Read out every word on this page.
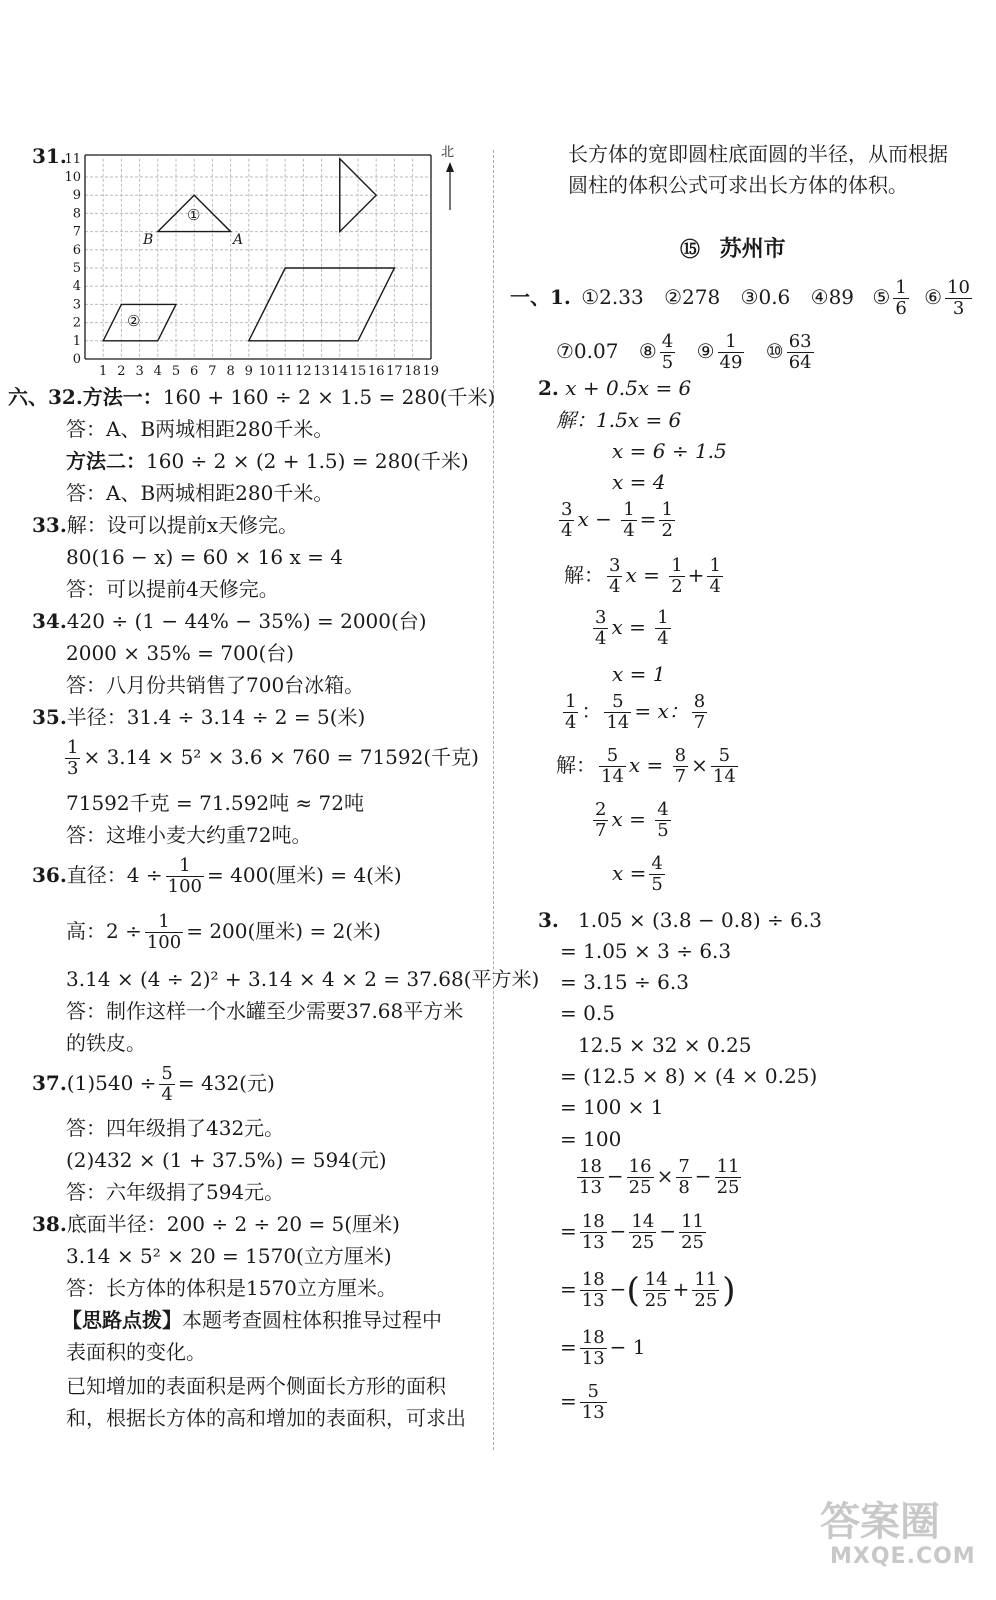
31.
0
1
2
3
4
5
6
7
8
9
10
11
1 2 3 4 5 6 7 8 9 10 11 12 13 14 15 16 17 18 19
①
②
B	A
北
六、32.方法一：160 + 160 ÷ 2 × 1.5 = 280(千米)
答：A、B两城相距280千米。
方法二：160 ÷ 2 × (2 + 1.5) = 280(千米)
答：A、B两城相距280千米。
33.解：设可以提前x天修完。
80(16 − x) = 60 × 16 x = 4
答：可以提前4天修完。
34.420 ÷ (1 − 44% − 35%) = 2000(台)
2000 × 35% = 700(台)
答：八月份共销售了700台冰箱。
35.半径：31.4 ÷ 3.14 ÷ 2 = 5(米)
$\frac{1}{3} \times 3.14 \times 5^2 \times 3.6 \times 760 = 71592$(千克)
71592千克 = 71.592吨 ≈ 72吨
答：这堆小麦大约重72吨。
36.直径：$4 \div \frac{1}{100} = 400$(厘米) = 4(米)
高：$2 \div \frac{1}{100} = 200$(厘米) = 2(米)
3.14 × (4 ÷ 2)² + 3.14 × 4 × 2 = 37.68(平方米)
答：制作这样一个水罐至少需要37.68平方米
的铁皮。
$37.(1)540 \div \frac{5}{4} = 432$(元)
答：四年级捐了432元。
(2)432 × (1 + 37.5%) = 594(元)
答：六年级捐了594元。
38.底面半径：200 ÷ 2 ÷ 20 = 5(厘米)
3.14 × 5² × 20 = 1570(立方厘米)
答：长方体的体积是1570立方厘米。
【思路点拨】本题考查圆柱体积推导过程中
表面积的变化。
已知增加的表面积是两个侧面长方形的面积
和，根据长方体的高和增加的表面积，可求出
长方体的宽即圆柱底面圆的半径，从而根据
圆柱的体积公式可求出长方体的体积。
⑮ 苏州市
一、1. ①2.33 ②278 ③0.6 ④89 ⑤ $\frac{1}{6}$ ⑥ $\frac{10}{3}$
⑦0.07 ⑧ $\frac{4}{5}$ ⑨ $\frac{1}{49}$ ⑩ $\frac{63}{64}$
2. x + 0.5x = 6
解：1.5x = 6
x = 6 ÷ 1.5
x = 4
$\frac{3}{4}$ $x - \frac{1}{4} = \frac{1}{2}$
解： $\frac{3}{4}$ $x = \frac{1}{2} + \frac{1}{4}$
$\frac{3}{4}$ $x = \frac{1}{4}$
x = 1
$\frac{1}{4}$ ： $\frac{5}{14} = x$： $\frac{8}{7}$
解： $\frac{5}{14}$ $x = \frac{8}{7} \times \frac{5}{14}$
$\frac{2}{7}$ $x = \frac{4}{5}$
$x = \frac{4}{5}$
3. 1.05 × (3.8 − 0.8) ÷ 6.3
= 1.05 × 3 ÷ 6.3
= 3.15 ÷ 6.3
= 0.5
12.5 × 32 × 0.25
= (12.5 × 8) × (4 × 0.25)
= 100 × 1
= 100
$\frac{18}{13} - \frac{16}{25} \times \frac{7}{8} - \frac{11}{25}$
= $\frac{18}{13} - \frac{14}{25} - \frac{11}{25}$
= $\frac{18}{13}$ −( $\frac{14}{25} + \frac{11}{25}$ )
= $\frac{18}{13} - 1$
= $\frac{5}{13}$
答案圈
MXQE.COM
